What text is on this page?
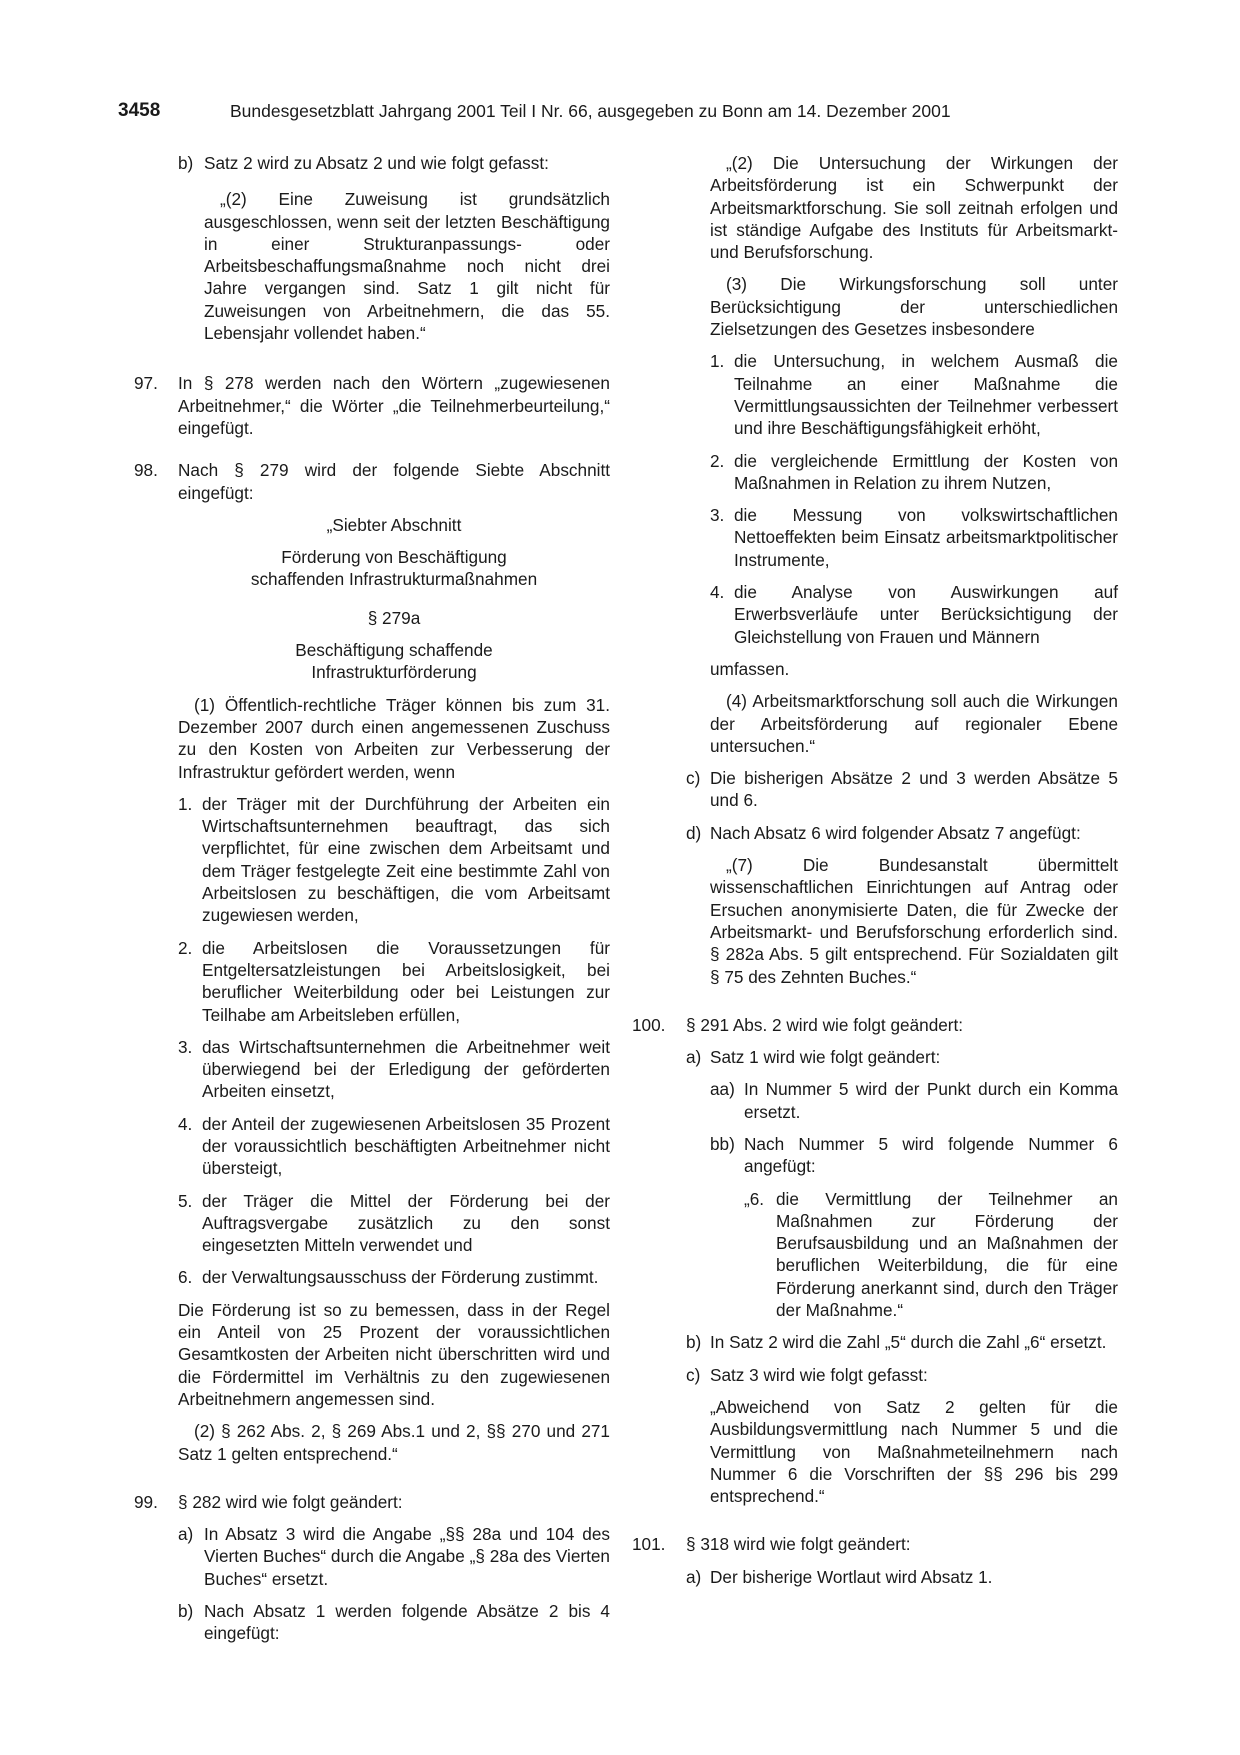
3458	Bundesgesetzblatt Jahrgang 2001 Teil I Nr. 66, ausgegeben zu Bonn am 14. Dezember 2001
b) Satz 2 wird zu Absatz 2 und wie folgt gefasst:

„(2) Eine Zuweisung ist grundsätzlich ausgeschlossen, wenn seit der letzten Beschäftigung in einer Strukturanpassungs- oder Arbeitsbeschaffungsmaßnahme noch nicht drei Jahre vergangen sind. Satz 1 gilt nicht für Zuweisungen von Arbeitnehmern, die das 55. Lebensjahr vollendet haben.“

97.	In § 278 werden nach den Wörtern „zugewiesenen Arbeitnehmer,“ die Wörter „die Teilnehmerbeurteilung,“ eingefügt.
98.	Nach § 279 wird der folgende Siebte Abschnitt eingefügt:

„Siebter Abschnitt

Förderung von Beschäftigung

schaffenden Infrastrukturmaßnahmen

§ 279a

Beschäftigung schaffende

Infrastrukturförderung

(1) Öffentlich-rechtliche Träger können bis zum 31. Dezember 2007 durch einen angemessenen Zuschuss zu den Kosten von Arbeiten zur Verbesserung der Infrastruktur gefördert werden, wenn

1. der Träger mit der Durchführung der Arbeiten ein Wirtschaftsunternehmen beauftragt, das sich verpflichtet, für eine zwischen dem Arbeitsamt und dem Träger festgelegte Zeit eine bestimmte Zahl von Arbeitslosen zu beschäftigen, die vom Arbeitsamt zugewiesen werden,
2. die Arbeitslosen die Voraussetzungen für Entgeltersatzleistungen bei Arbeitslosigkeit, bei beruflicher Weiterbildung oder bei Leistungen zur Teilhabe am Arbeitsleben erfüllen,
3. das Wirtschaftsunternehmen die Arbeitnehmer weit überwiegend bei der Erledigung der geförderten Arbeiten einsetzt,
4. der Anteil der zugewiesenen Arbeitslosen 35 Prozent der voraussichtlich beschäftigten Arbeitnehmer nicht übersteigt,
5. der Träger die Mittel der Förderung bei der Auftragsvergabe zusätzlich zu den sonst eingesetzten Mitteln verwendet und
6. der Verwaltungsausschuss der Förderung zustimmt.

Die Förderung ist so zu bemessen, dass in der Regel ein Anteil von 25 Prozent der voraussichtlichen Gesamtkosten der Arbeiten nicht überschritten wird und die Fördermittel im Verhältnis zu den zugewiesenen Arbeitnehmern angemessen sind.

(2) § 262 Abs. 2, § 269 Abs.1 und 2, §§ 270 und 271 Satz 1 gelten entsprechend.“

99.	§ 282 wird wie folgt geändert:
a) In Absatz 3 wird die Angabe „§§ 28a und 104 des Vierten Buches“ durch die Angabe „§ 28a des Vierten Buches“ ersetzt.
b) Nach Absatz 1 werden folgende Absätze 2 bis 4 eingefügt:

„(2) Die Untersuchung der Wirkungen der Arbeitsförderung ist ein Schwerpunkt der Arbeitsmarktforschung. Sie soll zeitnah erfolgen und ist ständige Aufgabe des Instituts für Arbeitsmarkt- und Berufsforschung.

(3) Die Wirkungsforschung soll unter Berücksichtigung der unterschiedlichen Zielsetzungen des Gesetzes insbesondere

1. die Untersuchung, in welchem Ausmaß die Teilnahme an einer Maßnahme die Vermittlungsaussichten der Teilnehmer verbessert und ihre Beschäftigungsfähigkeit erhöht,
2. die vergleichende Ermittlung der Kosten von Maßnahmen in Relation zu ihrem Nutzen,
3. die Messung von volkswirtschaftlichen Nettoeffekten beim Einsatz arbeitsmarktpolitischer Instrumente,
4. die Analyse von Auswirkungen auf Erwerbsverläufe unter Berücksichtigung der Gleichstellung von Frauen und Männern

umfassen.

(4) Arbeitsmarktforschung soll auch die Wirkungen der Arbeitsförderung auf regionaler Ebene untersuchen.“

c) Die bisherigen Absätze 2 und 3 werden Absätze 5 und 6.
d) Nach Absatz 6 wird folgender Absatz 7 angefügt:

„(7) Die Bundesanstalt übermittelt wissenschaftlichen Einrichtungen auf Antrag oder Ersuchen anonymisierte Daten, die für Zwecke der Arbeitsmarkt- und Berufsforschung erforderlich sind. § 282a Abs. 5 gilt entsprechend. Für Sozialdaten gilt § 75 des Zehnten Buches.“

100.	§ 291 Abs. 2 wird wie folgt geändert:
a) Satz 1 wird wie folgt geändert:
aa) In Nummer 5 wird der Punkt durch ein Komma ersetzt.
bb) Nach Nummer 5 wird folgende Nummer 6 angefügt:
„6. die Vermittlung der Teilnehmer an Maßnahmen zur Förderung der Berufsausbildung und an Maßnahmen der beruflichen Weiterbildung, die für eine Förderung anerkannt sind, durch den Träger der Maßnahme.“
b) In Satz 2 wird die Zahl „5“ durch die Zahl „6“ ersetzt.
c) Satz 3 wird wie folgt gefasst:

„Abweichend von Satz 2 gelten für die Ausbildungsvermittlung nach Nummer 5 und die Vermittlung von Maßnahmeteilnehmern nach Nummer 6 die Vorschriften der §§ 296 bis 299 entsprechend.“

101.	§ 318 wird wie folgt geändert:
a) Der bisherige Wortlaut wird Absatz 1.
